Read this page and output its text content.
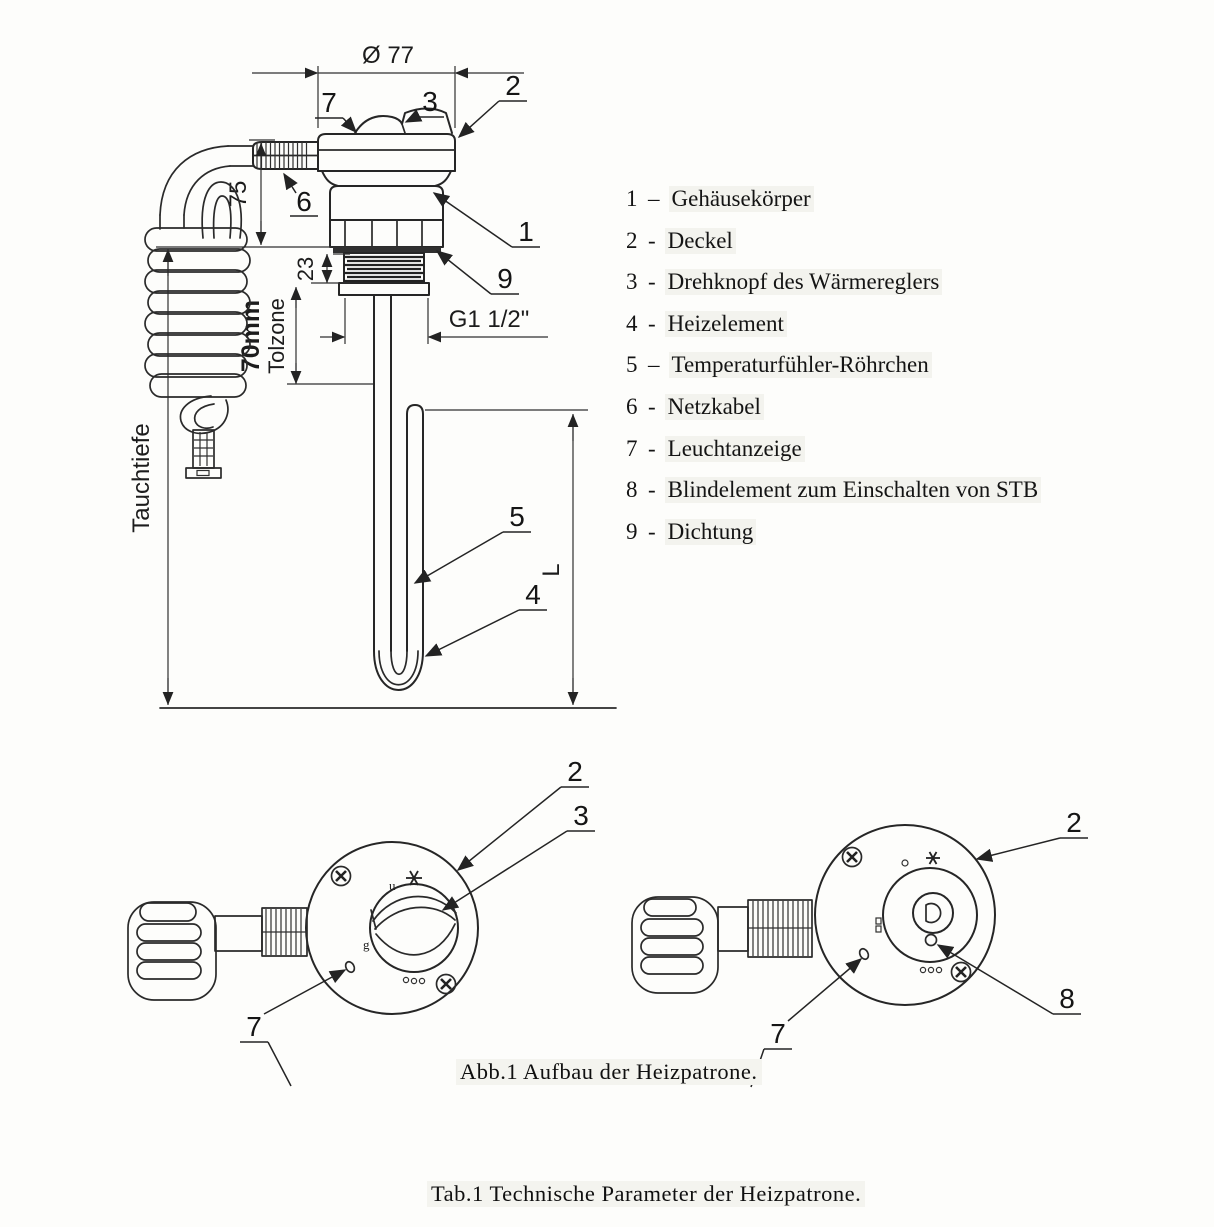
Ø 77
75
23
70mm Tolzone	G1 1/2"
Tauchtiefe
L
7	3
2
6
1
9
5
4
u
g
2
3
7
2
8
7
1 – Gehäusekörper
2 - Deckel
3 - Drehknopf des Wärmereglers
4 - Heizelement
5 – Temperaturfühler-Röhrchen
6 - Netzkabel
7 - Leuchtanzeige
8 - Blindelement zum Einschalten von STB
9 - Dichtung
Abb.1 Aufbau der Heizpatrone.
Tab.1 Technische Parameter der Heizpatrone.
